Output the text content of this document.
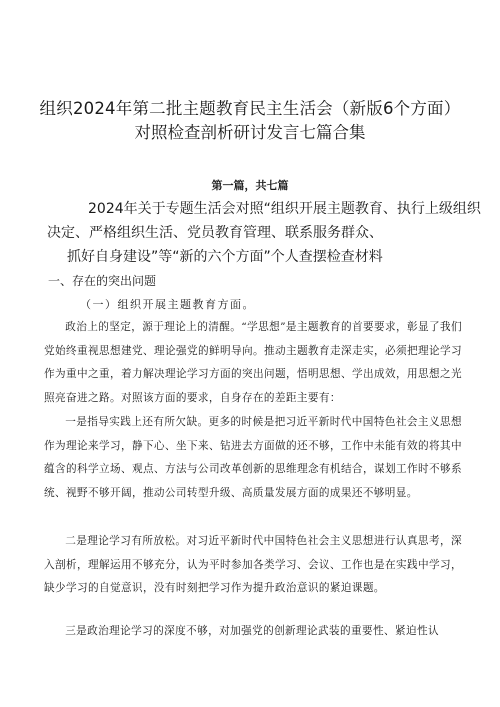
组织2024年第二批主题教育民主生活会（新版6个方面）
对照检查剖析研讨发言七篇合集
第一篇，共七篇
2024年关于专题生活会对照“组织开展主题教育、执行上级组织
决定、严格组织生活、党员教育管理、联系服务群众、
抓好自身建设”等“新的六个方面”个人查摆检查材料
一、存在的突出问题
（一）组织开展主题教育方面。
政治上的坚定，源于理论上的清醒。“学思想”是主题教育的首要要求，彰显了我们党始终重视思想建党、理论强党的鲜明导向。推动主题教育走深走实，必须把理论学习作为重中之重，着力解决理论学习方面的突出问题，悟明思想、学出成效，用思想之光照亮奋进之路。对照该方面的要求，自身存在的差距主要有：
一是指导实践上还有所欠缺。更多的时候是把习近平新时代中国特色社会主义思想作为理论来学习，静下心、坐下来、钻进去方面做的还不够，工作中未能有效的将其中蕴含的科学立场、观点、方法与公司改革创新的思维理念有机结合，谋划工作时不够系统、视野不够开阔，推动公司转型升级、高质量发展方面的成果还不够明显。
二是理论学习有所放松。对习近平新时代中国特色社会主义思想进行认真思考，深入剖析，理解运用不够充分，认为平时参加各类学习、会议、工作也是在实践中学习，缺少学习的自觉意识，没有时刻把学习作为提升政治意识的紧迫课题。
三是政治理论学习的深度不够，对加强党的创新理论武装的重要性、紧迫性认
